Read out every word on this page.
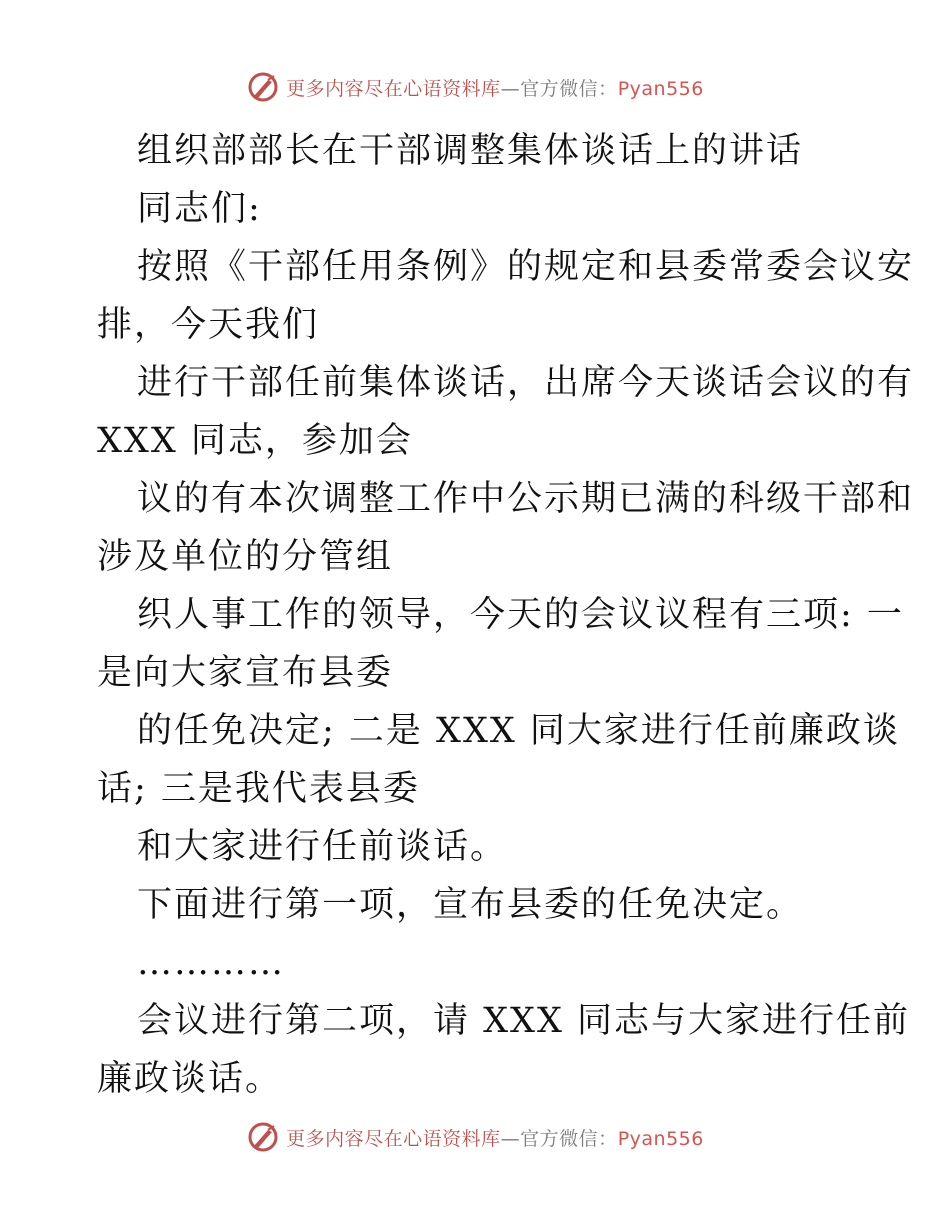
更多内容尽在心语资料库—官方微信：Pyan556

组织部部长在干部调整集体谈话上的讲话

同志们:

按照《干部任用条例》的规定和县委常委会议安

排，今天我们

进行干部任前集体谈话，出席今天谈话会议的有

XXX 同志，参加会

议的有本次调整工作中公示期已满的科级干部和

涉及单位的分管组

织人事工作的领导，今天的会议议程有三项: 一

是向大家宣布县委

的任免决定; 二是 XXX 同大家进行任前廉政谈

话; 三是我代表县委

和大家进行任前谈话。

下面进行第一项，宣布县委的任免决定。

…………

会议进行第二项，请 XXX 同志与大家进行任前

廉政谈话。

更多内容尽在心语资料库—官方微信：Pyan556
